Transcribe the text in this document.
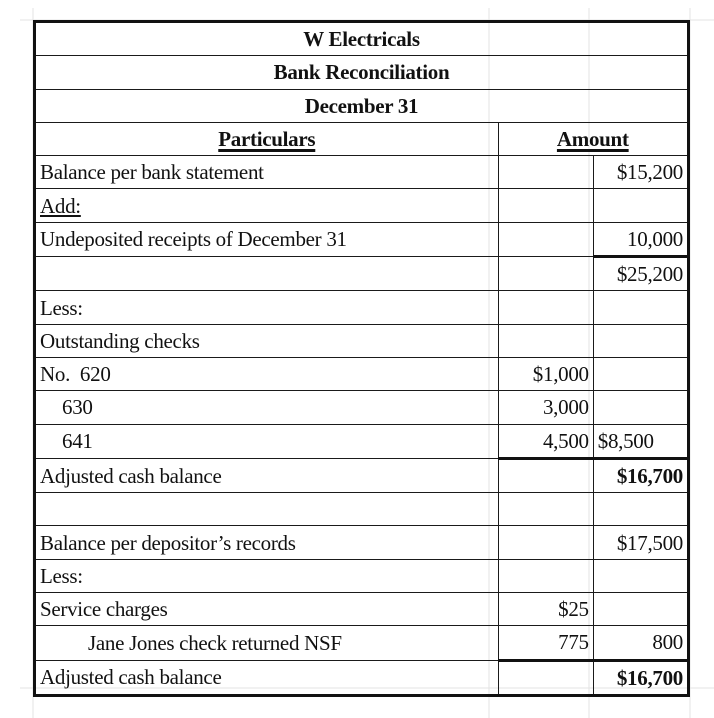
W Electricals		
Bank Reconciliation		
December 31		
Particulars	Amount	
Balance per bank statement		$15,200
Add:		
Undeposited receipts of December 31		10,000
		$25,200
Less:		
Outstanding checks		
No.  620	$1,000	
630	3,000	
641	4,500	$8,500
Adjusted cash balance		$16,700

Balance per depositor’s records		$17,500
Less:		
Service charges	$25	
Jane Jones check returned NSF	775	800
Adjusted cash balance		$16,700
